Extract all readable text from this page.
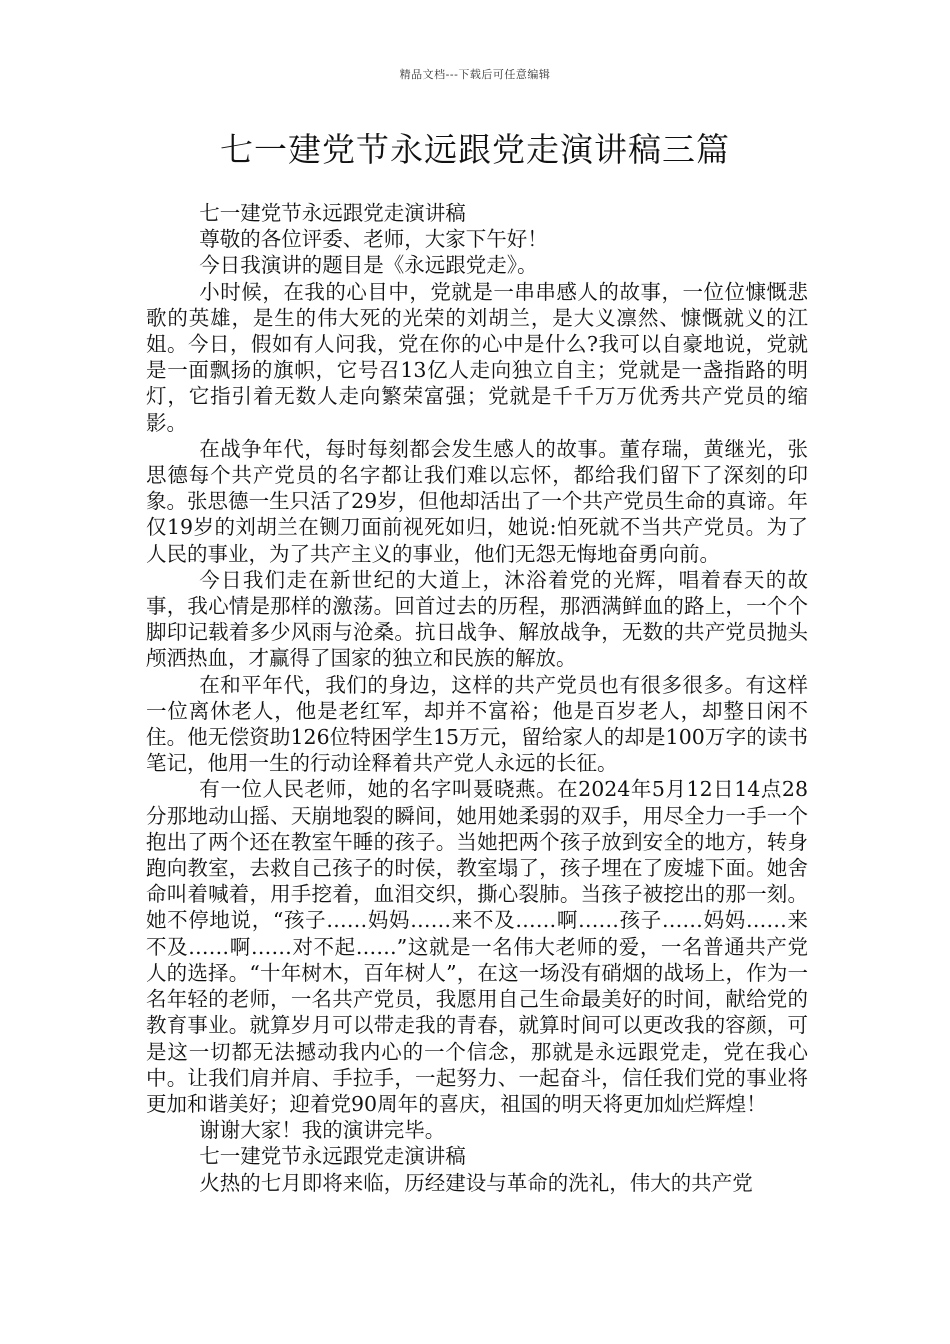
精品文档---下载后可任意编辑
七一建党节永远跟党走演讲稿三篇

七一建党节永远跟党走演讲稿

尊敬的各位评委、老师，大家下午好！

今日我演讲的题目是《永远跟党走》。

小时候，在我的心目中，党就是一串串感人的故事，一位位慷慨悲歌的英雄，是生的伟大死的光荣的刘胡兰，是大义凛然、慷慨就义的江姐。今日，假如有人问我，党在你的心中是什么?我可以自豪地说，党就是一面飘扬的旗帜，它号召13亿人走向独立自主；党就是一盏指路的明灯，它指引着无数人走向繁荣富强；党就是千千万万优秀共产党员的缩影。

在战争年代，每时每刻都会发生感人的故事。董存瑞，黄继光，张思德每个共产党员的名字都让我们难以忘怀，都给我们留下了深刻的印象。张思德一生只活了29岁，但他却活出了一个共产党员生命的真谛。年仅19岁的刘胡兰在铡刀面前视死如归，她说:怕死就不当共产党员。为了人民的事业，为了共产主义的事业，他们无怨无悔地奋勇向前。

今日我们走在新世纪的大道上，沐浴着党的光辉，唱着春天的故事，我心情是那样的激荡。回首过去的历程，那洒满鲜血的路上，一个个脚印记载着多少风雨与沧桑。抗日战争、解放战争，无数的共产党员抛头颅洒热血，才赢得了国家的独立和民族的解放。

在和平年代，我们的身边，这样的共产党员也有很多很多。有这样一位离休老人，他是老红军，却并不富裕；他是百岁老人，却整日闲不住。他无偿资助126位特困学生15万元，留给家人的却是100万字的读书笔记，他用一生的行动诠释着共产党人永远的长征。

有一位人民老师，她的名字叫聂晓燕。在2024年5月12日14点28分那地动山摇、天崩地裂的瞬间，她用她柔弱的双手，用尽全力一手一个抱出了两个还在教室午睡的孩子。当她把两个孩子放到安全的地方，转身跑向教室，去救自己孩子的时侯，教室塌了，孩子埋在了废墟下面。她舍命叫着喊着，用手挖着，血泪交织，撕心裂肺。当孩子被挖出的那一刻。她不停地说，“孩子……妈妈……来不及……啊……孩子……妈妈……来不及……啊……对不起……”这就是一名伟大老师的爱，一名普通共产党人的选择。“十年树木，百年树人”，在这一场没有硝烟的战场上，作为一名年轻的老师，一名共产党员，我愿用自己生命最美好的时间，献给党的教育事业。就算岁月可以带走我的青春，就算时间可以更改我的容颜，可是这一切都无法撼动我内心的一个信念，那就是永远跟党走，党在我心中。让我们肩并肩、手拉手，一起努力、一起奋斗，信任我们党的事业将更加和谐美好；迎着党90周年的喜庆，祖国的明天将更加灿烂辉煌！

谢谢大家！我的演讲完毕。

七一建党节永远跟党走演讲稿

火热的七月即将来临，历经建设与革命的洗礼，伟大的共产党
